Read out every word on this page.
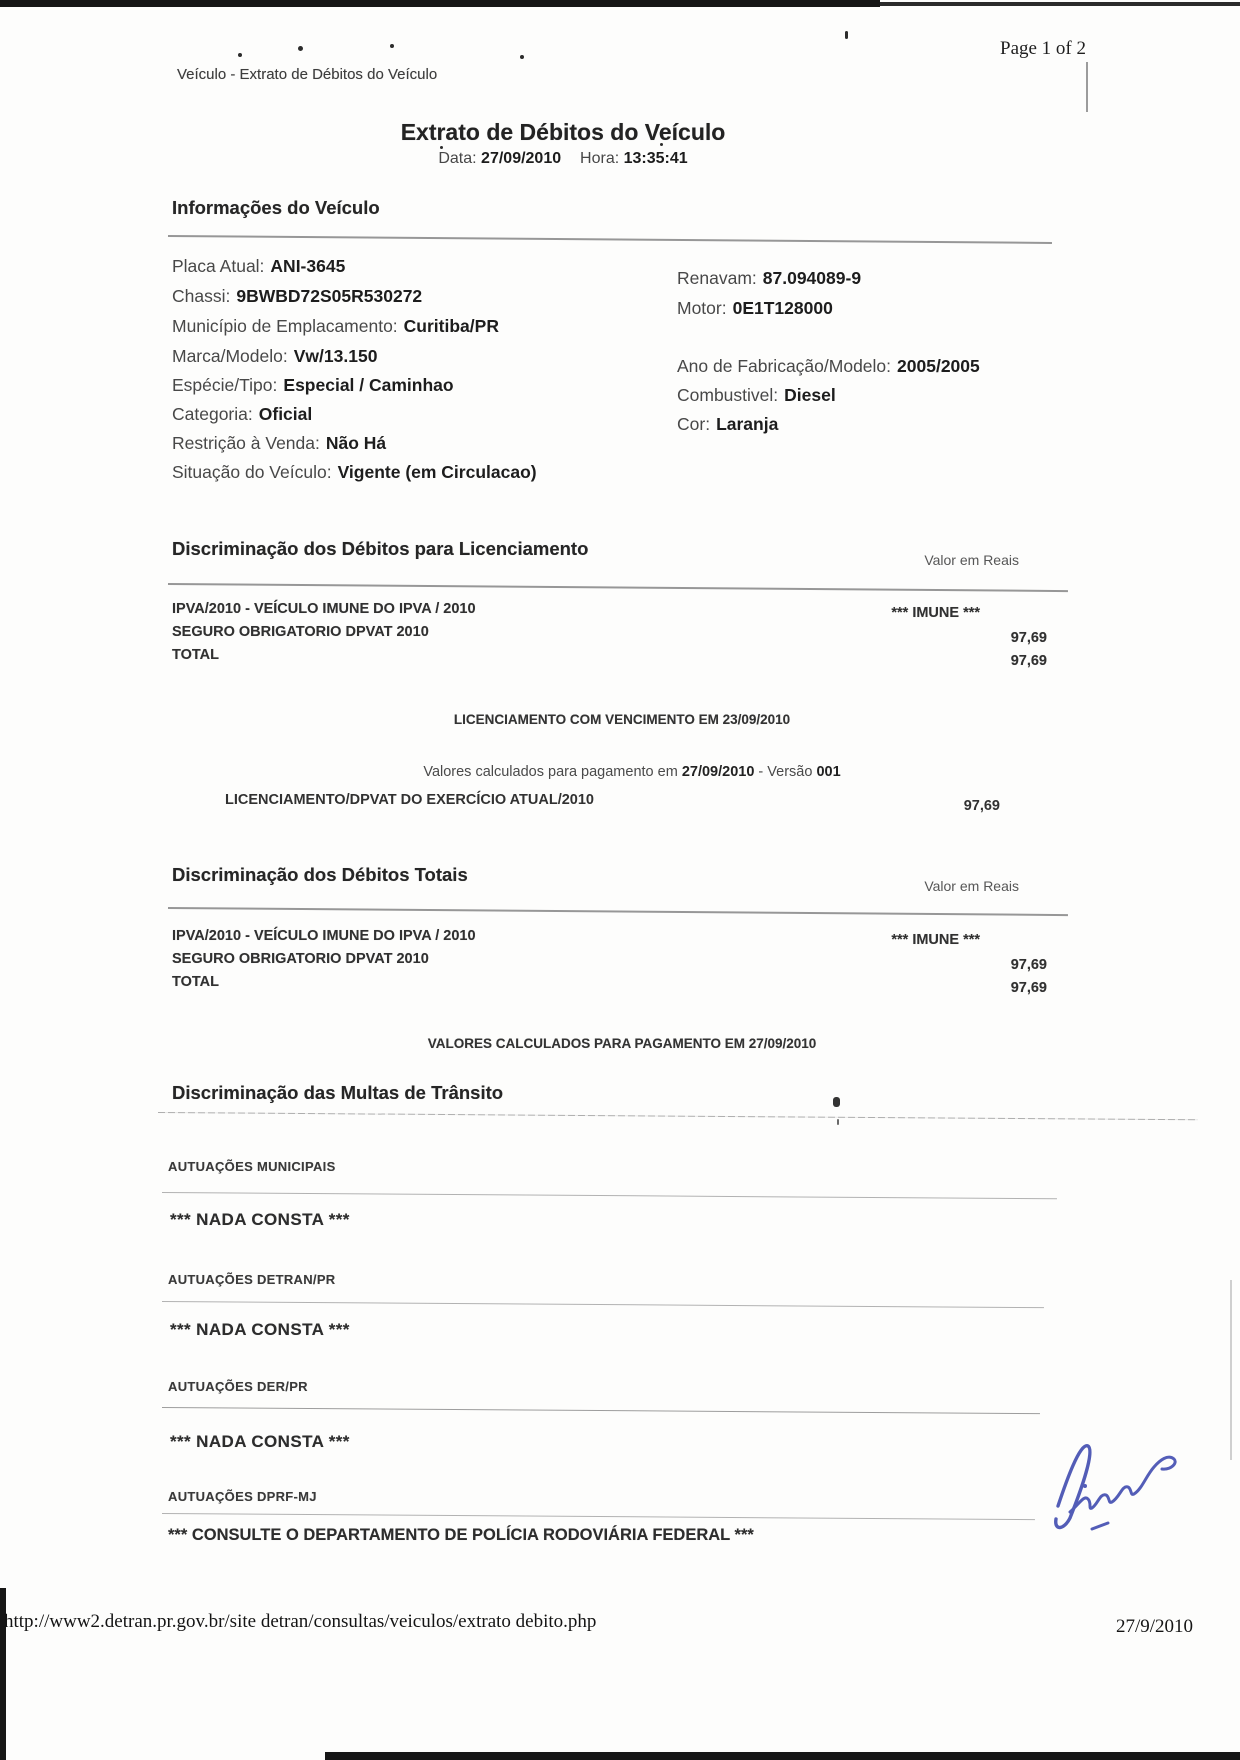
Veículo - Extrato de Débitos do Veículo
Page 1 of 2
Extrato de Débitos do Veículo
Data: 27/09/2010 Hora: 13:35:41
Informações do Veículo
Placa Atual: ANI-3645
Chassi: 9BWBD72S05R530272
Município de Emplacamento: Curitiba/PR
Marca/Modelo: Vw/13.150
Espécie/Tipo: Especial / Caminhao
Categoria: Oficial
Restrição à Venda: Não Há
Situação do Veículo: Vigente (em Circulacao)
Renavam: 87.094089-9
Motor: 0E1T128000
Ano de Fabricação/Modelo: 2005/2005
Combustivel: Diesel
Cor: Laranja
Discriminação dos Débitos para Licenciamento
Valor em Reais
IPVA/2010 - VEÍCULO IMUNE DO IPVA / 2010	*** IMUNE ***
SEGURO OBRIGATORIO DPVAT 2010	97,69
TOTAL	97,69
LICENCIAMENTO COM VENCIMENTO EM 23/09/2010
Valores calculados para pagamento em 27/09/2010 - Versão 001
LICENCIAMENTO/DPVAT DO EXERCÍCIO ATUAL/2010	97,69
Discriminação dos Débitos Totais
Valor em Reais
IPVA/2010 - VEÍCULO IMUNE DO IPVA / 2010	*** IMUNE ***
SEGURO OBRIGATORIO DPVAT 2010	97,69
TOTAL	97,69
VALORES CALCULADOS PARA PAGAMENTO EM 27/09/2010
Discriminação das Multas de Trânsito
AUTUAÇÕES MUNICIPAIS
*** NADA CONSTA ***
AUTUAÇÕES DETRAN/PR
*** NADA CONSTA ***
AUTUAÇÕES DER/PR
*** NADA CONSTA ***
AUTUAÇÕES DPRF-MJ
*** CONSULTE O DEPARTAMENTO DE POLÍCIA RODOVIÁRIA FEDERAL ***
http://www2.detran.pr.gov.br/site detran/consultas/veiculos/extrato debito.php	27/9/2010
